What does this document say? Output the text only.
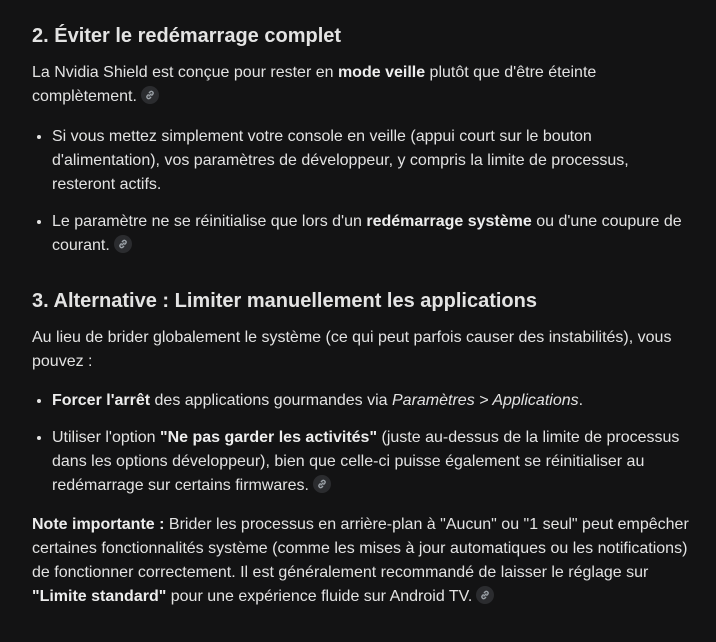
2. Éviter le redémarrage complet

La Nvidia Shield est conçue pour rester en mode veille plutôt que d'être éteinte complètement.

• Si vous mettez simplement votre console en veille (appui court sur le bouton d'alimentation), vos paramètres de développeur, y compris la limite de processus, resteront actifs.
• Le paramètre ne se réinitialise que lors d'un redémarrage système ou d'une coupure de courant.
3. Alternative : Limiter manuellement les applications

Au lieu de brider globalement le système (ce qui peut parfois causer des instabilités), vous pouvez :

• Forcer l'arrêt des applications gourmandes via Paramètres > Applications.
• Utiliser l'option "Ne pas garder les activités" (juste au-dessus de la limite de processus dans les options développeur), bien que celle-ci puisse également se réinitialiser au redémarrage sur certains firmwares.

Note importante : Brider les processus en arrière-plan à "Aucun" ou "1 seul" peut empêcher certaines fonctionnalités système (comme les mises à jour automatiques ou les notifications) de fonctionner correctement. Il est généralement recommandé de laisser le réglage sur "Limite standard" pour une expérience fluide sur Android TV.
